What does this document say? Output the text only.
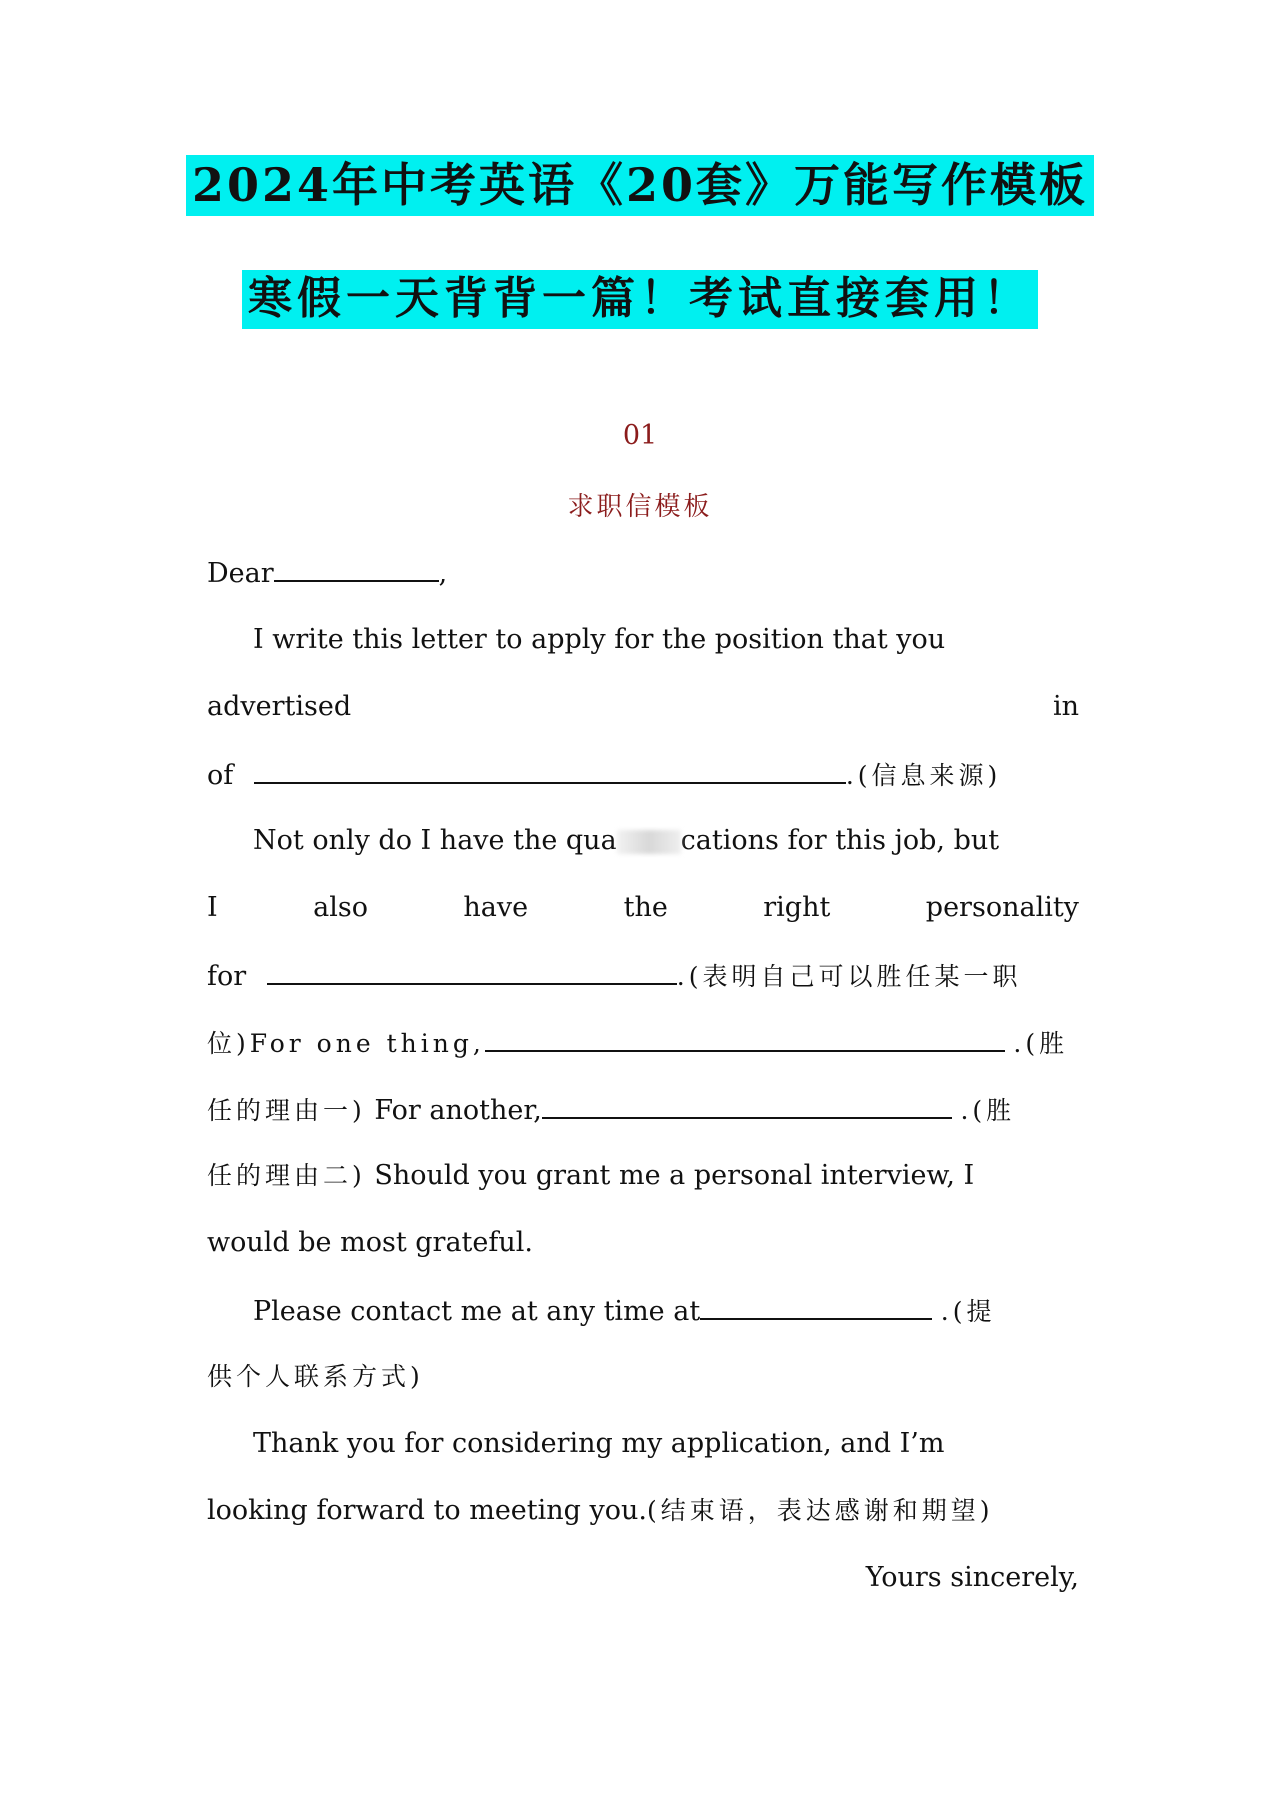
2024年中考英语《20套》万能写作模板
寒假一天背背一篇！考试直接套用！
01
求职信模板
Dear	,
I write this letter to apply for the position that you
advertised	in
of	.(信息来源)
Not only do I have the qua cations for this job, but
I	also	have	the	right	personality
for	.(表明自己可以胜任某一职
位)For one thing,	.(胜
任的理由一) For another,	.(胜
任的理由二) Should you grant me a personal interview, I
would be most grateful.
Please contact me at any time at	.(提
供个人联系方式)
Thank you for considering my application, and I’m
looking forward to meeting you.(结束语，表达感谢和期望)
Yours sincerely,
